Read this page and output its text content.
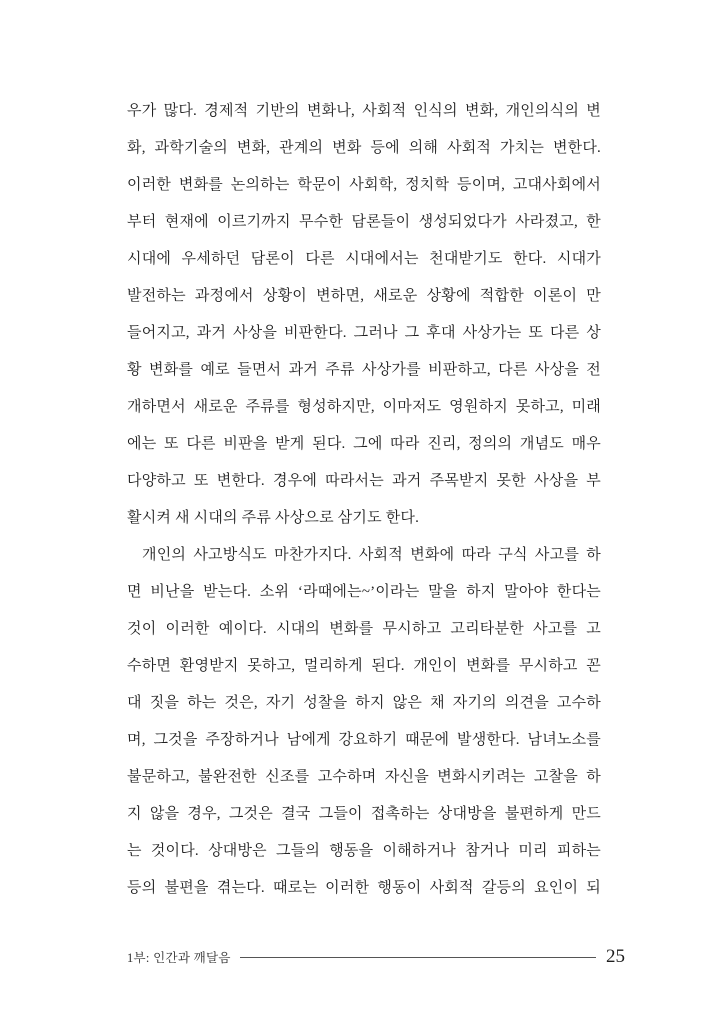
우가 많다. 경제적 기반의 변화나, 사회적 인식의 변화, 개인의식의 변
화, 과학기술의 변화, 관계의 변화 등에 의해 사회적 가치는 변한다.
이러한 변화를 논의하는 학문이 사회학, 정치학 등이며, 고대사회에서
부터 현재에 이르기까지 무수한 담론들이 생성되었다가 사라졌고, 한
시대에 우세하던 담론이 다른 시대에서는 천대받기도 한다. 시대가
발전하는 과정에서 상황이 변하면, 새로운 상황에 적합한 이론이 만
들어지고, 과거 사상을 비판한다. 그러나 그 후대 사상가는 또 다른 상
황 변화를 예로 들면서 과거 주류 사상가를 비판하고, 다른 사상을 전
개하면서 새로운 주류를 형성하지만, 이마저도 영원하지 못하고, 미래
에는 또 다른 비판을 받게 된다. 그에 따라 진리, 정의의 개념도 매우
다양하고 또 변한다. 경우에 따라서는 과거 주목받지 못한 사상을 부
활시켜 새 시대의 주류 사상으로 삼기도 한다.
개인의 사고방식도 마찬가지다. 사회적 변화에 따라 구식 사고를 하
면 비난을 받는다. 소위 ‘라때에는~’이라는 말을 하지 말아야 한다는
것이 이러한 예이다. 시대의 변화를 무시하고 고리타분한 사고를 고
수하면 환영받지 못하고, 멀리하게 된다. 개인이 변화를 무시하고 꼰
대 짓을 하는 것은, 자기 성찰을 하지 않은 채 자기의 의견을 고수하
며, 그것을 주장하거나 남에게 강요하기 때문에 발생한다. 남녀노소를
불문하고, 불완전한 신조를 고수하며 자신을 변화시키려는 고찰을 하
지 않을 경우, 그것은 결국 그들이 접촉하는 상대방을 불편하게 만드
는 것이다. 상대방은 그들의 행동을 이해하거나 참거나 미리 피하는
등의 불편을 겪는다. 때로는 이러한 행동이 사회적 갈등의 요인이 되
1부: 인간과 깨달음	25
